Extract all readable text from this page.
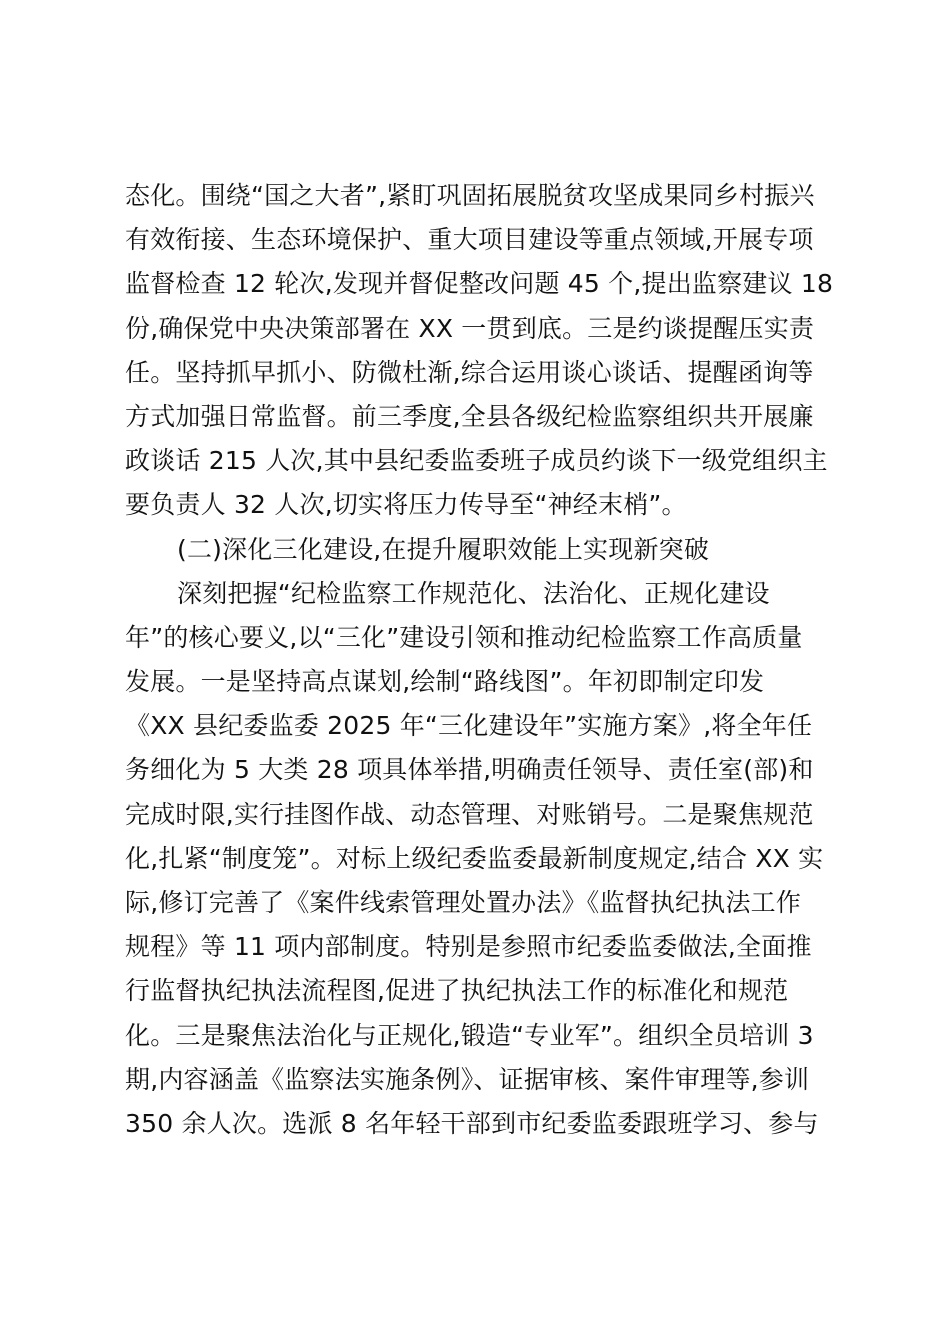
态化。围绕“国之大者”,紧盯巩固拓展脱贫攻坚成果同乡村振兴
有效衔接、生态环境保护、重大项目建设等重点领域,开展专项
监督检查 12 轮次,发现并督促整改问题 45 个,提出监察建议 18
份,确保党中央决策部署在 XX 一贯到底。三是约谈提醒压实责
任。坚持抓早抓小、防微杜渐,综合运用谈心谈话、提醒函询等
方式加强日常监督。前三季度,全县各级纪检监察组织共开展廉
政谈话 215 人次,其中县纪委监委班子成员约谈下一级党组织主
要负责人 32 人次,切实将压力传导至“神经末梢”。
(二)深化三化建设,在提升履职效能上实现新突破
深刻把握“纪检监察工作规范化、法治化、正规化建设
年”的核心要义,以“三化”建设引领和推动纪检监察工作高质量
发展。一是坚持高点谋划,绘制“路线图”。年初即制定印发
《XX 县纪委监委 2025 年“三化建设年”实施方案》,将全年任
务细化为 5 大类 28 项具体举措,明确责任领导、责任室(部)和
完成时限,实行挂图作战、动态管理、对账销号。二是聚焦规范
化,扎紧“制度笼”。对标上级纪委监委最新制度规定,结合 XX 实
际,修订完善了《案件线索管理处置办法》《监督执纪执法工作
规程》等 11 项内部制度。特别是参照市纪委监委做法,全面推
行监督执纪执法流程图,促进了执纪执法工作的标准化和规范
化。三是聚焦法治化与正规化,锻造“专业军”。组织全员培训 3
期,内容涵盖《监察法实施条例》、证据审核、案件审理等,参训
350 余人次。选派 8 名年轻干部到市纪委监委跟班学习、参与
